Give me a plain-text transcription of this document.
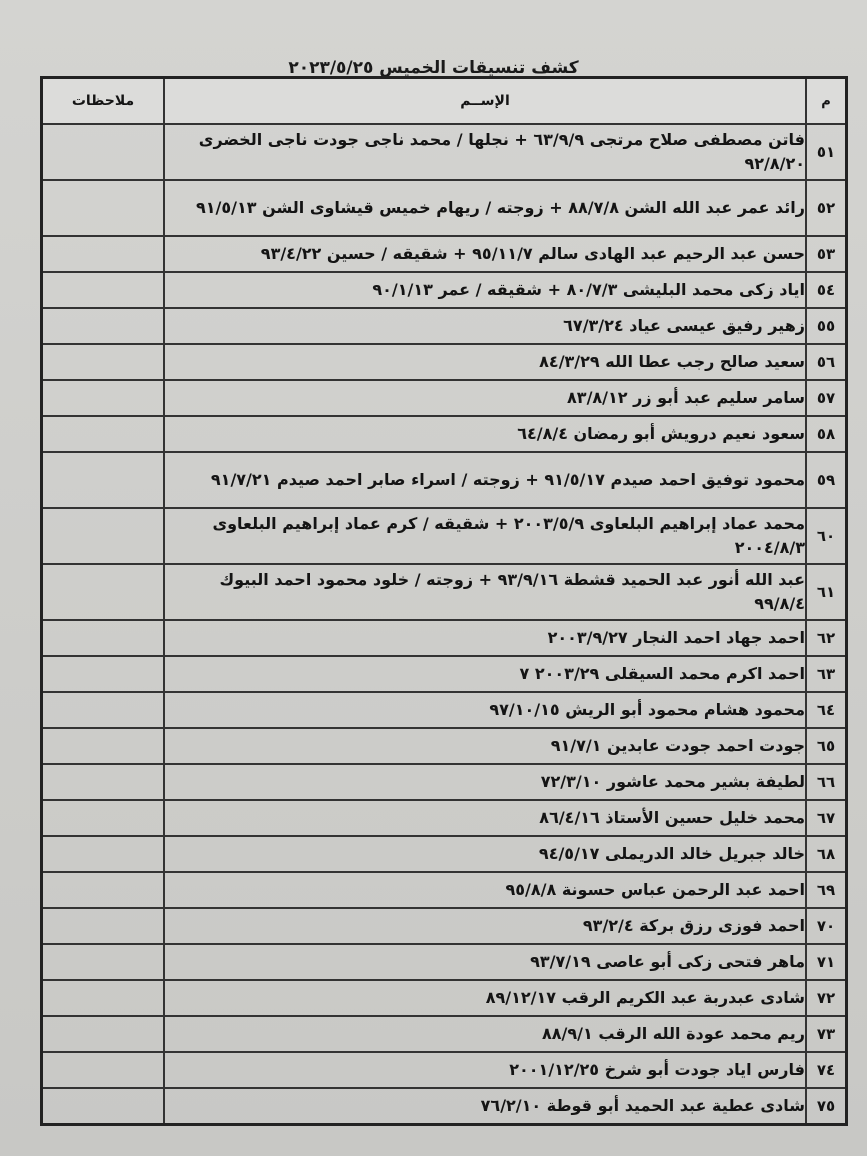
كشف تنسيقات الخميس ٢٠٢٣/٥/٢٥
م	الإســم	ملاحظات
٥١	فاتن مصطفى صلاح مرتجى ٦٣/٩/٩ + نجلها / محمد ناجى جودت ناجى الخضرى ٩٢/٨/٢٠	
٥٢	رائد عمر عبد الله الشن ٨٨/٧/٨ + زوجته / ريهام خميس قيشاوى الشن ٩١/٥/١٣	
٥٣	حسن عبد الرحيم عبد الهادى سالم ٩٥/١١/٧ + شقيقه / حسين ٩٣/٤/٢٢	
٥٤	اياد زكى محمد البليشى ٨٠/٧/٣ + شقيقه / عمر ٩٠/١/١٣	
٥٥	زهير رفيق عيسى عياد ٦٧/٣/٢٤	
٥٦	سعيد صالح رجب عطا الله ٨٤/٣/٢٩	
٥٧	سامر سليم عبد أبو زر ٨٣/٨/١٢	
٥٨	سعود نعيم درويش أبو رمضان ٦٤/٨/٤	
٥٩	محمود توفيق احمد صيدم ٩١/٥/١٧ + زوجته / اسراء صابر احمد صيدم ٩١/٧/٢١	
٦٠	محمد عماد إبراهيم البلعاوى ٢٠٠٣/٥/٩ + شقيقه / كرم عماد إبراهيم البلعاوى ٢٠٠٤/٨/٣	
٦١	عبد الله أنور عبد الحميد قشطة ٩٣/٩/١٦ + زوجته / خلود محمود احمد البيوك ٩٩/٨/٤	
٦٢	احمد جهاد احمد النجار ٢٠٠٣/٩/٢٧	
٦٣	احمد اكرم محمد السيقلى ٢٠٠٣/٢٩ ٧	
٦٤	محمود هشام محمود أبو الريش ٩٧/١٠/١٥	
٦٥	جودت احمد جودت عابدين ٩١/٧/١	
٦٦	لطيفة بشير محمد عاشور ٧٢/٣/١٠	
٦٧	محمد خليل حسين الأستاذ ٨٦/٤/١٦	
٦٨	خالد جبريل خالد الدريملى ٩٤/٥/١٧	
٦٩	احمد عبد الرحمن عباس حسونة ٩٥/٨/٨	
٧٠	احمد فوزى رزق بركة ٩٣/٢/٤	
٧١	ماهر فتحى زكى أبو عاصى ٩٣/٧/١٩	
٧٢	شادى عبدربة عبد الكريم الرقب ٨٩/١٢/١٧	
٧٣	ريم محمد عودة الله الرقب ٨٨/٩/١	
٧٤	فارس اياد جودت أبو شرخ ٢٠٠١/١٢/٢٥	
٧٥	شادى عطية عبد الحميد أبو قوطة ٧٦/٢/١٠	
